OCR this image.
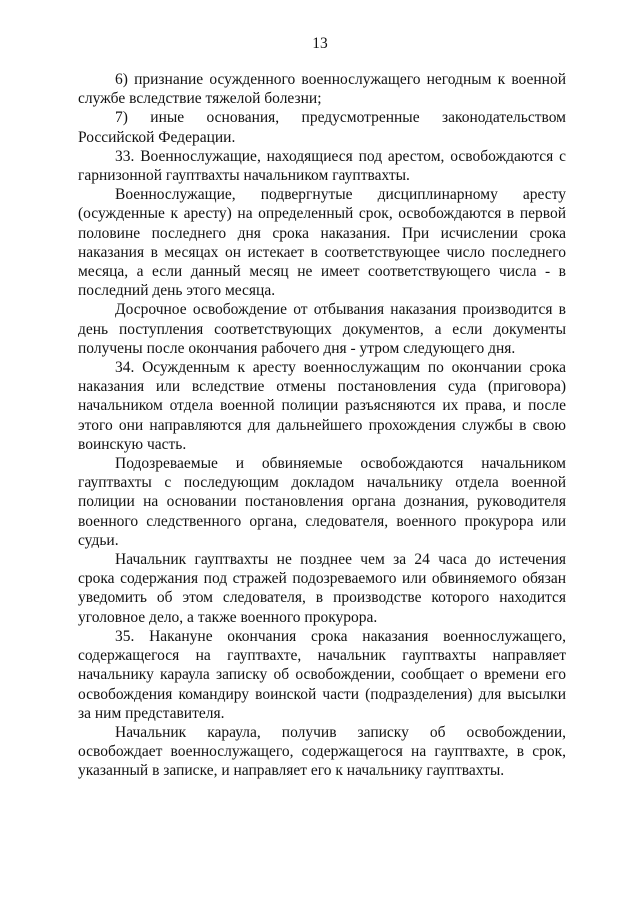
13

6) признание осужденного военнослужащего негодным к военной службе вследствие тяжелой болезни;

7) иные основания, предусмотренные законодательством Российской Федерации.

33. Военнослужащие, находящиеся под арестом, освобождаются с гарнизонной гауптвахты начальником гауптвахты.

Военнослужащие, подвергнутые дисциплинарному аресту (осужденные к аресту) на определенный срок, освобождаются в первой половине последнего дня срока наказания. При исчислении срока наказания в месяцах он истекает в соответствующее число последнего месяца, а если данный месяц не имеет соответствующего числа - в последний день этого месяца.

Досрочное освобождение от отбывания наказания производится в день поступления соответствующих документов, а если документы получены после окончания рабочего дня - утром следующего дня.

34. Осужденным к аресту военнослужащим по окончании срока наказания или вследствие отмены постановления суда (приговора) начальником отдела военной полиции разъясняются их права, и после этого они направляются для дальнейшего прохождения службы в свою воинскую часть.

Подозреваемые и обвиняемые освобождаются начальником гауптвахты с последующим докладом начальнику отдела военной полиции на основании постановления органа дознания, руководителя военного следственного органа, следователя, военного прокурора или судьи.

Начальник гауптвахты не позднее чем за 24 часа до истечения срока содержания под стражей подозреваемого или обвиняемого обязан уведомить об этом следователя, в производстве которого находится уголовное дело, а также военного прокурора.

35. Накануне окончания срока наказания военнослужащего, содержащегося на гауптвахте, начальник гауптвахты направляет начальнику караула записку об освобождении, сообщает о времени его освобождения командиру воинской части (подразделения) для высылки за ним представителя.

Начальник караула, получив записку об освобождении, освобождает военнослужащего, содержащегося на гауптвахте, в срок, указанный в записке, и направляет его к начальнику гауптвахты.
